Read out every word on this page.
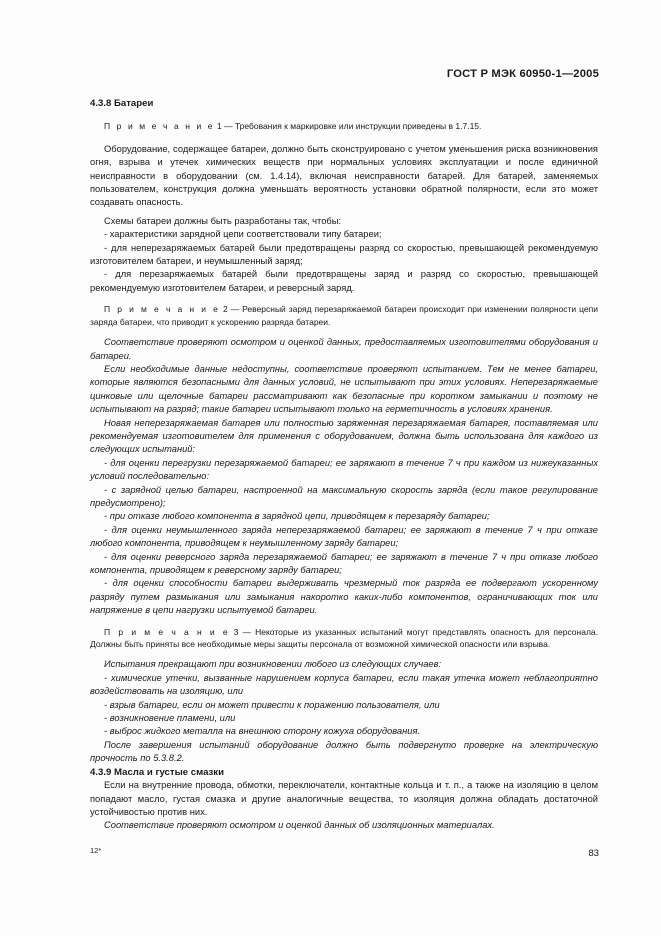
ГОСТ Р МЭК 60950-1—2005

4.3.8 Батареи

П р и м е ч а н и е 1 — Требования к маркировке или инструкции приведены в 1.7.15.

Оборудование, содержащее батареи, должно быть сконструировано с учетом уменьшения риска возникновения огня, взрыва и утечек химических веществ при нормальных условиях эксплуатации и после единичной неисправности в оборудовании (см. 1.4.14), включая неисправности батарей. Для батарей, заменяемых пользователем, конструкция должна уменьшать вероятность установки обратной полярности, если это может создавать опасность.

Схемы батареи должны быть разработаны так, чтобы:

- характеристики зарядной цепи соответствовали типу батареи;

- для неперезаряжаемых батарей были предотвращены разряд со скоростью, превышающей рекомендуемую изготовителем батареи, и неумышленный заряд;

- для перезаряжаемых батарей были предотвращены заряд и разряд со скоростью, превышающей рекомендуемую изготовителем батареи, и реверсный заряд.

П р и м е ч а н и е 2 — Реверсный заряд перезаряжаемой батареи происходит при изменении полярности цепи заряда батареи, что приводит к ускорению разряда батареи.

Соответствие проверяют осмотром и оценкой данных, предоставляемых изготовителями оборудования и батареи.

Если необходимые данные недоступны, соответствие проверяют испытанием. Тем не менее батареи, которые являются безопасными для данных условий, не испытывают при этих условиях. Неперезаряжаемые цинковые или щелочные батареи рассматривают как безопасные при коротком замыкании и поэтому не испытывают на разряд; такие батареи испытывают только на герметичность в условиях хранения.

Новая неперезаряжаемая батарея или полностью заряженная перезаряжаемая батарея, поставляемая или рекомендуемая изготовителем для применения с оборудованием, должна быть использована для каждого из следующих испытаний:

- для оценки перегрузки перезаряжаемой батареи; ее заряжают в течение 7 ч при каждом из нижеуказанных условий последовательно:

- с зарядной целью батареи, настроенной на максимальную скорость заряда (если такое регулирование предусмотрено);

- при отказе любого компонента в зарядной цепи, приводящем к перезаряду батареи;

- для оценки неумышленного заряда неперезаряжаемой батареи; ее заряжают в течение 7 ч при отказе любого компонента, приводящем к неумышленному заряду батареи;

- для оценки реверсного заряда перезаряжаемой батареи; ее заряжают в течение 7 ч при отказе любого компонента, приводящем к реверсному заряду батареи;

- для оценки способности батареи выдерживать чрезмерный ток разряда ее подвергают ускоренному разряду путем размыкания или замыкания накоротко каких-либо компонентов, ограничивающих ток или напряжение в цепи нагрузки испытуемой батареи.

П р и м е ч а н и е 3 — Некоторые из указанных испытаний могут представлять опасность для персонала. Должны быть приняты все необходимые меры защиты персонала от возможной химической опасности или взрыва.

Испытания прекращают при возникновении любого из следующих случаев:

- химические утечки, вызванные нарушением корпуса батареи, если такая утечка может неблагоприятно воздействовать на изоляцию, или

- взрыв батареи, если он может привести к поражению пользователя, или

- возникновение пламени, или

- выброс жидкого металла на внешнюю сторону кожуха оборудования.

После завершения испытаний оборудование должно быть подвергнуто проверке на электрическую прочность по 5.3.8.2.

4.3.9 Масла и густые смазки

Если на внутренние провода, обмотки, переключатели, контактные кольца и т. п., а также на изоляцию в целом попадают масло, густая смазка и другие аналогичные вещества, то изоляция должна обладать достаточной устойчивостью против них.

Соответствие проверяют осмотром и оценкой данных об изоляционных материалах.

12*	83
